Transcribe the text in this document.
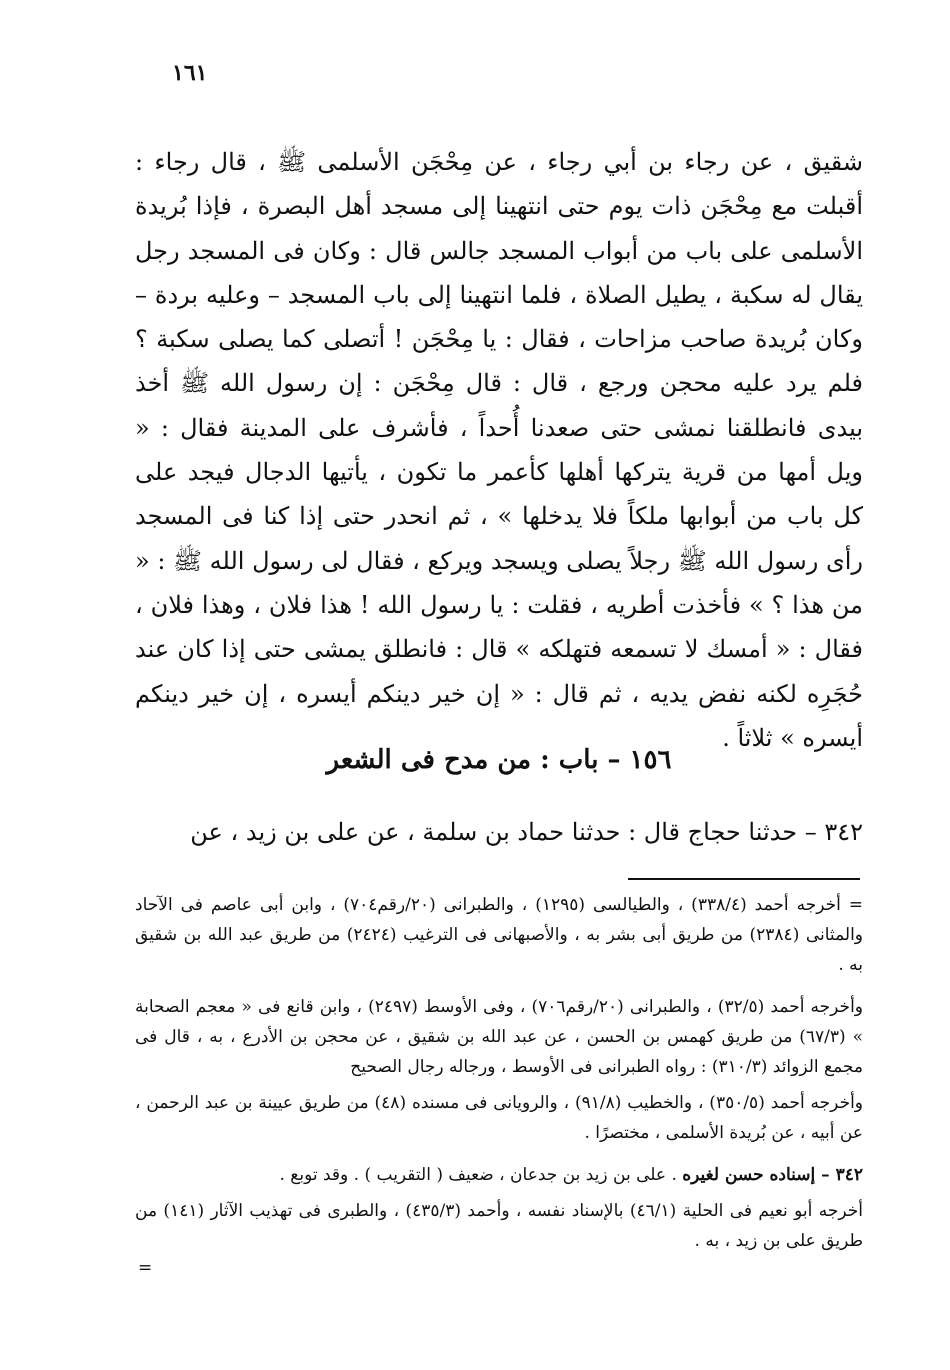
١٦١

شقيق ، عن رجاء بن أبي رجاء ، عن مِحْجَن الأسلمى ﷺ ، قال رجاء : أقبلت مع مِحْجَن ذات يوم حتى انتهينا إلى مسجد أهل البصرة ، فإذا بُريدة الأسلمى على باب من أبواب المسجد جالس قال : وكان فى المسجد رجل يقال له سكبة ، يطيل الصلاة ، فلما انتهينا إلى باب المسجد – وعليه بردة – وكان بُريدة صاحب مزاحات ، فقال : يا مِحْجَن ! أتصلى كما يصلى سكبة ؟ فلم يرد عليه محجن ورجع ، قال : قال مِحْجَن : إن رسول الله ﷺ أخذ بيدى فانطلقنا نمشى حتى صعدنا أُحداً ، فأشرف على المدينة فقال : « ويل أمها من قرية يتركها أهلها كأعمر ما تكون ، يأتيها الدجال فيجد على كل باب من أبوابها ملكاً فلا يدخلها » ، ثم انحدر حتى إذا كنا فى المسجد رأى رسول الله ﷺ رجلاً يصلى ويسجد ويركع ، فقال لى رسول الله ﷺ : « من هذا ؟ » فأخذت أطريه ، فقلت : يا رسول الله ! هذا فلان ، وهذا فلان ، فقال : « أمسك لا تسمعه فتهلكه » قال : فانطلق يمشى حتى إذا كان عند حُجَرِه لكنه نفض يديه ، ثم قال : « إن خير دينكم أيسره ، إن خير دينكم أيسره » ثلاثاً .

١٥٦ – باب : من مدح فى الشعر

٣٤٢ – حدثنا حجاج قال : حدثنا حماد بن سلمة ، عن على بن زيد ، عن

= أخرجه أحمد (٣٣٨/٤) ، والطيالسى (١٢٩٥) ، والطبرانى (٢٠/رقم٧٠٤) ، وابن أبى عاصم فى الآحاد والمثانى (٢٣٨٤) من طريق أبى بشر به ، والأصبهانى فى الترغيب (٢٤٢٤) من طريق عبد الله بن شقيق به .

وأخرجه أحمد (٣٢/٥) ، والطبرانى (٢٠/رقم٧٠٦) ، وفى الأوسط (٢٤٩٧) ، وابن قانع فى « معجم الصحابة » (٦٧/٣) من طريق كهمس بن الحسن ، عن عبد الله بن شقيق ، عن محجن بن الأدرع ، به ، قال فى مجمع الزوائد (٣١٠/٣) : رواه الطبرانى فى الأوسط ، ورجاله رجال الصحيح

وأخرجه أحمد (٣٥٠/٥) ، والخطيب (٩١/٨) ، والرويانى فى مسنده (٤٨) من طريق عيينة بن عبد الرحمن ، عن أبيه ، عن بُريدة الأسلمى ، مختصرًا .

٣٤٢ – إسناده حسن لغيره . على بن زيد بن جدعان ، ضعيف ( التقريب ) . وقد توبع .

أخرجه أبو نعيم فى الحلية (٤٦/١) بالإسناد نفسه ، وأحمد (٤٣٥/٣) ، والطبرى فى تهذيب الآثار (١٤١) من طريق على بن زيد ، به .

=
